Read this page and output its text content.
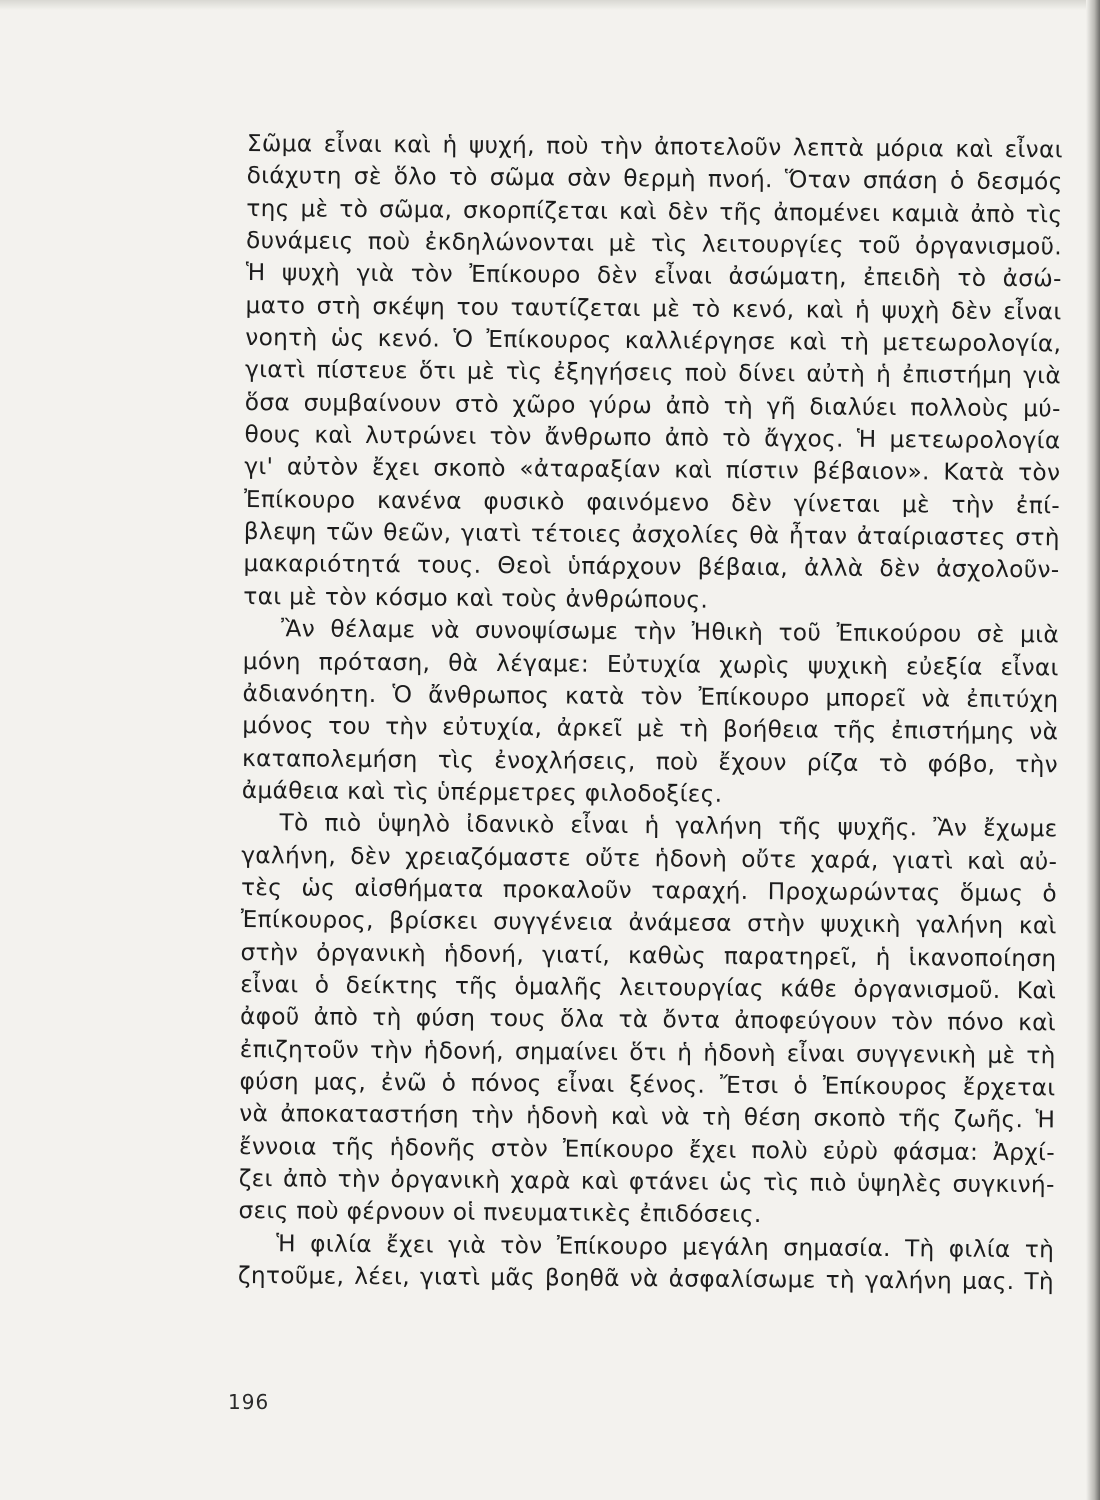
Σῶμα εἶναι καὶ ἡ ψυχή, ποὺ τὴν ἀποτελοῦν λεπτὰ μόρια καὶ εἶναι
διάχυτη σὲ ὅλο τὸ σῶμα σὰν θερμὴ πνοή. Ὅταν σπάση ὁ δεσμός
της μὲ τὸ σῶμα, σκορπίζεται καὶ δὲν τῆς ἀπομένει καμιὰ ἀπὸ τὶς
δυνάμεις ποὺ ἐκδηλώνονται μὲ τὶς λειτουργίες τοῦ ὀργανισμοῦ.
Ἡ ψυχὴ γιὰ τὸν Ἐπίκουρο δὲν εἶναι ἀσώματη, ἐπειδὴ τὸ ἀσώ-
ματο στὴ σκέψη του ταυτίζεται μὲ τὸ κενό, καὶ ἡ ψυχὴ δὲν εἶναι
νοητὴ ὡς κενό. Ὁ Ἐπίκουρος καλλιέργησε καὶ τὴ μετεωρολογία,
γιατὶ πίστευε ὅτι μὲ τὶς ἐξηγήσεις ποὺ δίνει αὐτὴ ἡ ἐπιστήμη γιὰ
ὅσα συμβαίνουν στὸ χῶρο γύρω ἀπὸ τὴ γῆ διαλύει πολλοὺς μύ-
θους καὶ λυτρώνει τὸν ἄνθρωπο ἀπὸ τὸ ἄγχος. Ἡ μετεωρολογία
γι' αὐτὸν ἔχει σκοπὸ «ἀταραξίαν καὶ πίστιν βέβαιον». Κατὰ τὸν
Ἐπίκουρο κανένα φυσικὸ φαινόμενο δὲν γίνεται μὲ τὴν ἐπί-
βλεψη τῶν θεῶν, γιατὶ τέτοιες ἀσχολίες θὰ ἦταν ἀταίριαστες στὴ
μακαριότητά τους. Θεοὶ ὑπάρχουν βέβαια, ἀλλὰ δὲν ἀσχολοῦν-
ται μὲ τὸν κόσμο καὶ τοὺς ἀνθρώπους.
Ἂν θέλαμε νὰ συνοψίσωμε τὴν Ἠθικὴ τοῦ Ἐπικούρου σὲ μιὰ
μόνη πρόταση, θὰ λέγαμε: Εὐτυχία χωρὶς ψυχικὴ εὐεξία εἶναι
ἀδιανόητη. Ὁ ἄνθρωπος κατὰ τὸν Ἐπίκουρο μπορεῖ νὰ ἐπιτύχη
μόνος του τὴν εὐτυχία, ἀρκεῖ μὲ τὴ βοήθεια τῆς ἐπιστήμης νὰ
καταπολεμήση τὶς ἐνοχλήσεις, ποὺ ἔχουν ρίζα τὸ φόβο, τὴν
ἀμάθεια καὶ τὶς ὑπέρμετρες φιλοδοξίες.
Τὸ πιὸ ὑψηλὸ ἰδανικὸ εἶναι ἡ γαλήνη τῆς ψυχῆς. Ἂν ἔχωμε
γαλήνη, δὲν χρειαζόμαστε οὔτε ἡδονὴ οὔτε χαρά, γιατὶ καὶ αὐ-
τὲς ὡς αἰσθήματα προκαλοῦν ταραχή. Προχωρώντας ὅμως ὁ
Ἐπίκουρος, βρίσκει συγγένεια ἀνάμεσα στὴν ψυχικὴ γαλήνη καὶ
στὴν ὀργανικὴ ἡδονή, γιατί, καθὼς παρατηρεῖ, ἡ ἱκανοποίηση
εἶναι ὁ δείκτης τῆς ὁμαλῆς λειτουργίας κάθε ὀργανισμοῦ. Καὶ
ἀφοῦ ἀπὸ τὴ φύση τους ὅλα τὰ ὄντα ἀποφεύγουν τὸν πόνο καὶ
ἐπιζητοῦν τὴν ἡδονή, σημαίνει ὅτι ἡ ἡδονὴ εἶναι συγγενικὴ μὲ τὴ
φύση μας, ἐνῶ ὁ πόνος εἶναι ξένος. Ἔτσι ὁ Ἐπίκουρος ἔρχεται
νὰ ἀποκαταστήση τὴν ἡδονὴ καὶ νὰ τὴ θέση σκοπὸ τῆς ζωῆς. Ἡ
ἔννοια τῆς ἡδονῆς στὸν Ἐπίκουρο ἔχει πολὺ εὐρὺ φάσμα: Ἀρχί-
ζει ἀπὸ τὴν ὀργανικὴ χαρὰ καὶ φτάνει ὡς τὶς πιὸ ὑψηλὲς συγκινή-
σεις ποὺ φέρνουν οἱ πνευματικὲς ἐπιδόσεις.
Ἡ φιλία ἔχει γιὰ τὸν Ἐπίκουρο μεγάλη σημασία. Τὴ φιλία τὴ
ζητοῦμε, λέει, γιατὶ μᾶς βοηθᾶ νὰ ἀσφαλίσωμε τὴ γαλήνη μας. Τὴ
196
